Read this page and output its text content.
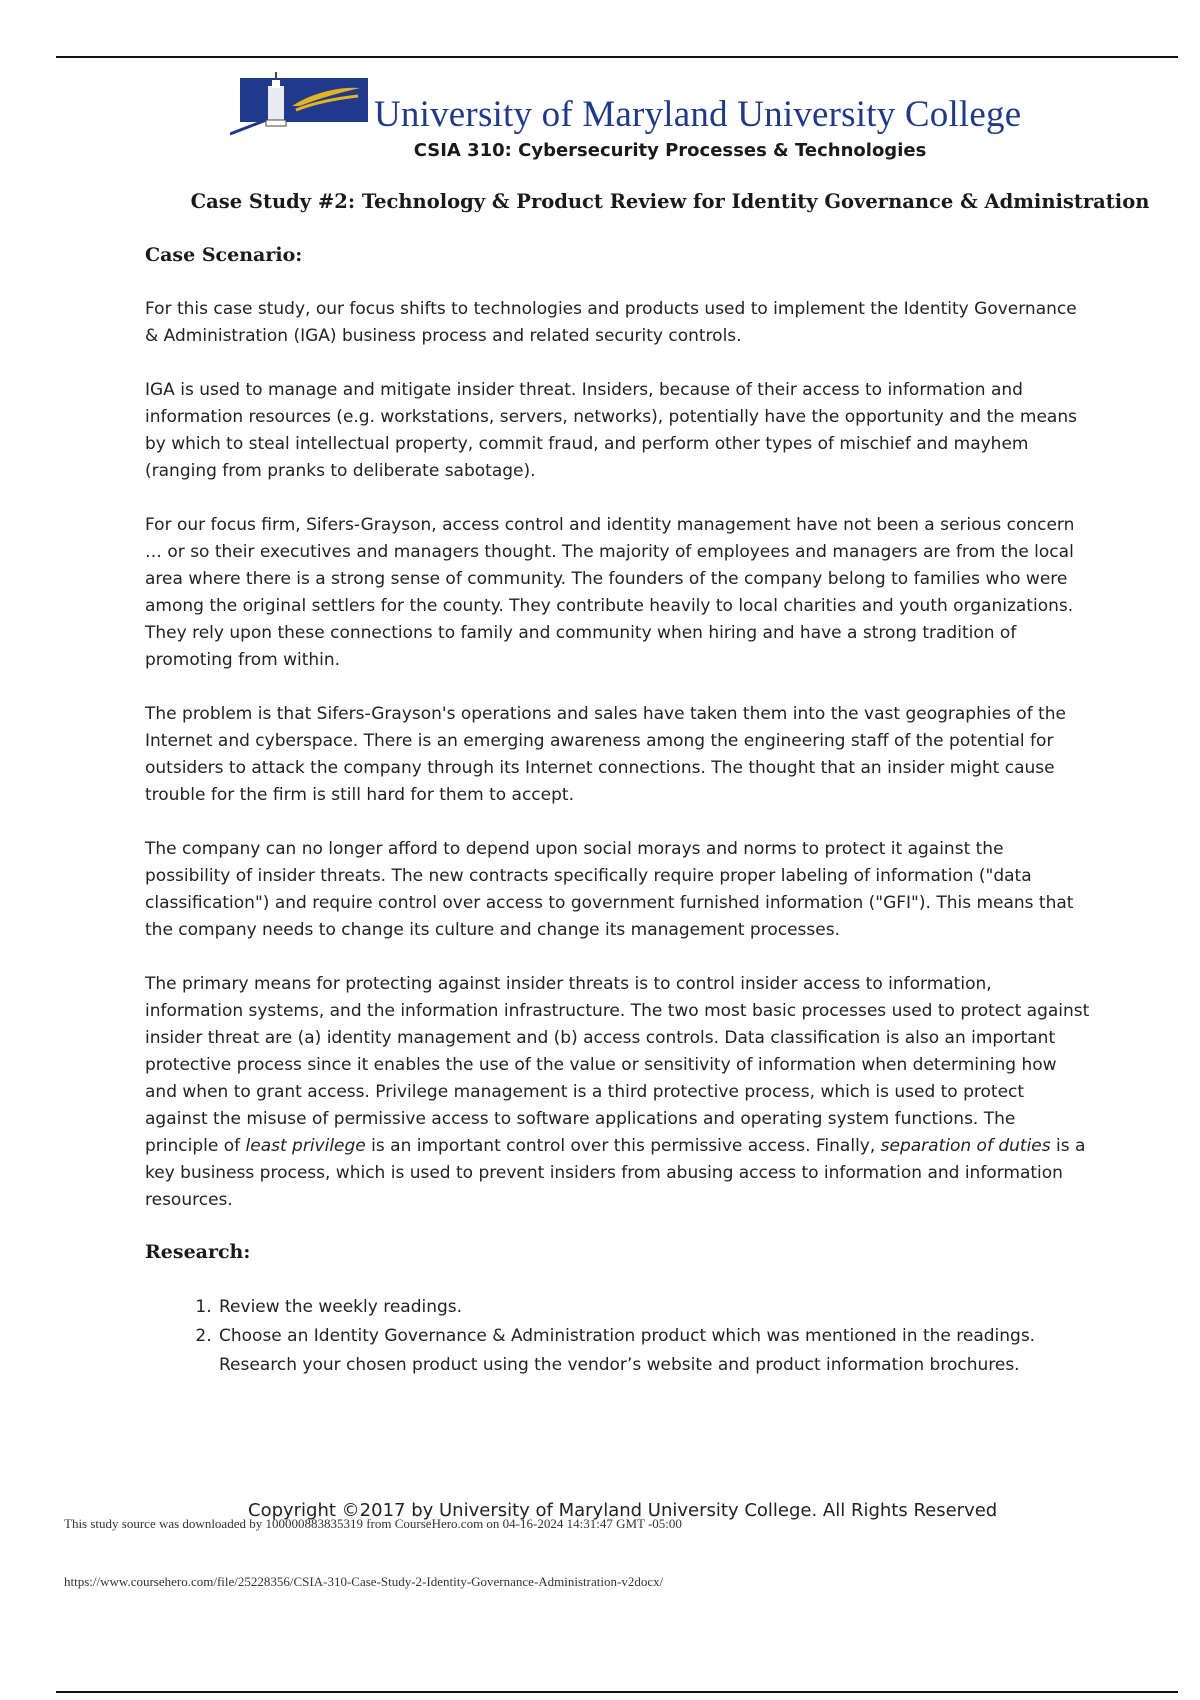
University of Maryland University College
CSIA 310: Cybersecurity Processes & Technologies
Case Study #2: Technology & Product Review for Identity Governance & Administration
Case Scenario:

For this case study, our focus shifts to technologies and products used to implement the Identity Governance & Administration (IGA) business process and related security controls.

IGA is used to manage and mitigate insider threat. Insiders, because of their access to information and information resources (e.g. workstations, servers, networks), potentially have the opportunity and the means by which to steal intellectual property, commit fraud, and perform other types of mischief and mayhem (ranging from pranks to deliberate sabotage).

For our focus firm, Sifers-Grayson, access control and identity management have not been a serious concern … or so their executives and managers thought. The majority of employees and managers are from the local area where there is a strong sense of community. The founders of the company belong to families who were among the original settlers for the county. They contribute heavily to local charities and youth organizations. They rely upon these connections to family and community when hiring and have a strong tradition of promoting from within.

The problem is that Sifers-Grayson's operations and sales have taken them into the vast geographies of the Internet and cyberspace. There is an emerging awareness among the engineering staff of the potential for outsiders to attack the company through its Internet connections. The thought that an insider might cause trouble for the firm is still hard for them to accept.

The company can no longer afford to depend upon social morays and norms to protect it against the possibility of insider threats. The new contracts specifically require proper labeling of information ("data classification") and require control over access to government furnished information ("GFI"). This means that the company needs to change its culture and change its management processes.

The primary means for protecting against insider threats is to control insider access to information, information systems, and the information infrastructure. The two most basic processes used to protect against insider threat are (a) identity management and (b) access controls. Data classification is also an important protective process since it enables the use of the value or sensitivity of information when determining how and when to grant access. Privilege management is a third protective process, which is used to protect against the misuse of permissive access to software applications and operating system functions. The principle of least privilege is an important control over this permissive access. Finally, separation of duties is a key business process, which is used to prevent insiders from abusing access to information and information resources.

Research:
1. Review the weekly readings.
2. Choose an Identity Governance & Administration product which was mentioned in the readings. Research your chosen product using the vendor’s website and product information brochures.
Copyright ©2017 by University of Maryland University College. All Rights Reserved
This study source was downloaded by 100000883835319 from CourseHero.com on 04-16-2024 14:31:47 GMT -05:00
https://www.coursehero.com/file/25228356/CSIA-310-Case-Study-2-Identity-Governance-Administration-v2docx/
